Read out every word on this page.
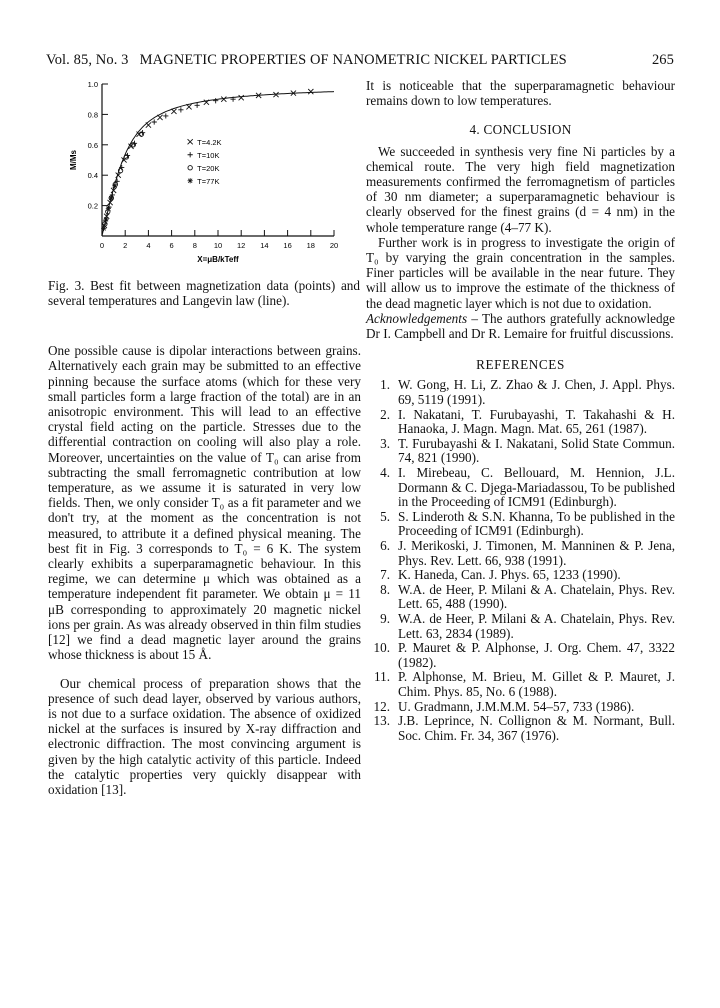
Vol. 85, No. 3   MAGNETIC PROPERTIES OF NANOMETRIC NICKEL PARTICLES	265
0	2	4	6	8 10 12 14 16 18 20
0.2
0.4
0.6
0.8
1.0
X=μB/kTeff
M/Ms
T=4.2K
T=10K
T=20K
T=77K
Fig. 3. Best fit between magnetization data (points) and several temperatures and Langevin law (line).

One possible cause is dipolar interactions between grains. Alternatively each grain may be submitted to an effective pinning because the surface atoms (which for these very small particles form a large fraction of the total) are in an anisotropic environment. This will lead to an effective crystal field acting on the particle. Stresses due to the differential contraction on cooling will also play a role. Moreover, uncertainties on the value of T₀ can arise from subtracting the small ferromagnetic contribution at low temperature, as we assume it is saturated in very low fields. Then, we only consider T₀ as a fit parameter and we don't try, at the moment as the concentration is not measured, to attribute it a defined physical meaning. The best fit in Fig. 3 corresponds to T₀ = 6 K. The system clearly exhibits a superparamagnetic behaviour. In this regime, we can determine μ which was obtained as a temperature independent fit parameter. We obtain μ = 11 μB corresponding to approximately 20 magnetic nickel ions per grain. As was already observed in thin film studies [12] we find a dead magnetic layer around the grains whose thickness is about 15 Å.

Our chemical process of preparation shows that the presence of such dead layer, observed by various authors, is not due to a surface oxidation. The absence of oxidized nickel at the surfaces is insured by X-ray diffraction and electronic diffraction. The most convincing argument is given by the high catalytic activity of this particle. Indeed the catalytic properties very quickly disappear with oxidation [13].

It is noticeable that the superparamagnetic behaviour remains down to low temperatures.

4. CONCLUSION

We succeeded in synthesis very fine Ni particles by a chemical route. The very high field magnetization measurements confirmed the ferromagnetism of particles of 30 nm diameter; a superparamagnetic behaviour is clearly observed for the finest grains (d = 4 nm) in the whole temperature range (4–77 K).

Further work is in progress to investigate the origin of T₀ by varying the grain concentration in the samples. Finer particles will be available in the near future. They will allow us to improve the estimate of the thickness of the dead magnetic layer which is not due to oxidation.

Acknowledgements – The authors gratefully acknowledge Dr I. Campbell and Dr R. Lemaire for fruitful discussions.

REFERENCES
1. W. Gong, H. Li, Z. Zhao & J. Chen, J. Appl. Phys. 69, 5119 (1991).
2. I. Nakatani, T. Furubayashi, T. Takahashi & H. Hanaoka, J. Magn. Magn. Mat. 65, 261 (1987).
3. T. Furubayashi & I. Nakatani, Solid State Commun. 74, 821 (1990).
4. I. Mirebeau, C. Bellouard, M. Hennion, J.L. Dormann & C. Djega-Mariadassou, To be published in the Proceeding of ICM91 (Edinburgh).
5. S. Linderoth & S.N. Khanna, To be published in the Proceeding of ICM91 (Edinburgh).
6. J. Merikoski, J. Timonen, M. Manninen & P. Jena, Phys. Rev. Lett. 66, 938 (1991).
7. K. Haneda, Can. J. Phys. 65, 1233 (1990).
8. W.A. de Heer, P. Milani & A. Chatelain, Phys. Rev. Lett. 65, 488 (1990).
9. W.A. de Heer, P. Milani & A. Chatelain, Phys. Rev. Lett. 63, 2834 (1989).
10. P. Mauret & P. Alphonse, J. Org. Chem. 47, 3322 (1982).
11. P. Alphonse, M. Brieu, M. Gillet & P. Mauret, J. Chim. Phys. 85, No. 6 (1988).
12. U. Gradmann, J.M.M.M. 54–57, 733 (1986).
13. J.B. Leprince, N. Collignon & M. Normant, Bull. Soc. Chim. Fr. 34, 367 (1976).
